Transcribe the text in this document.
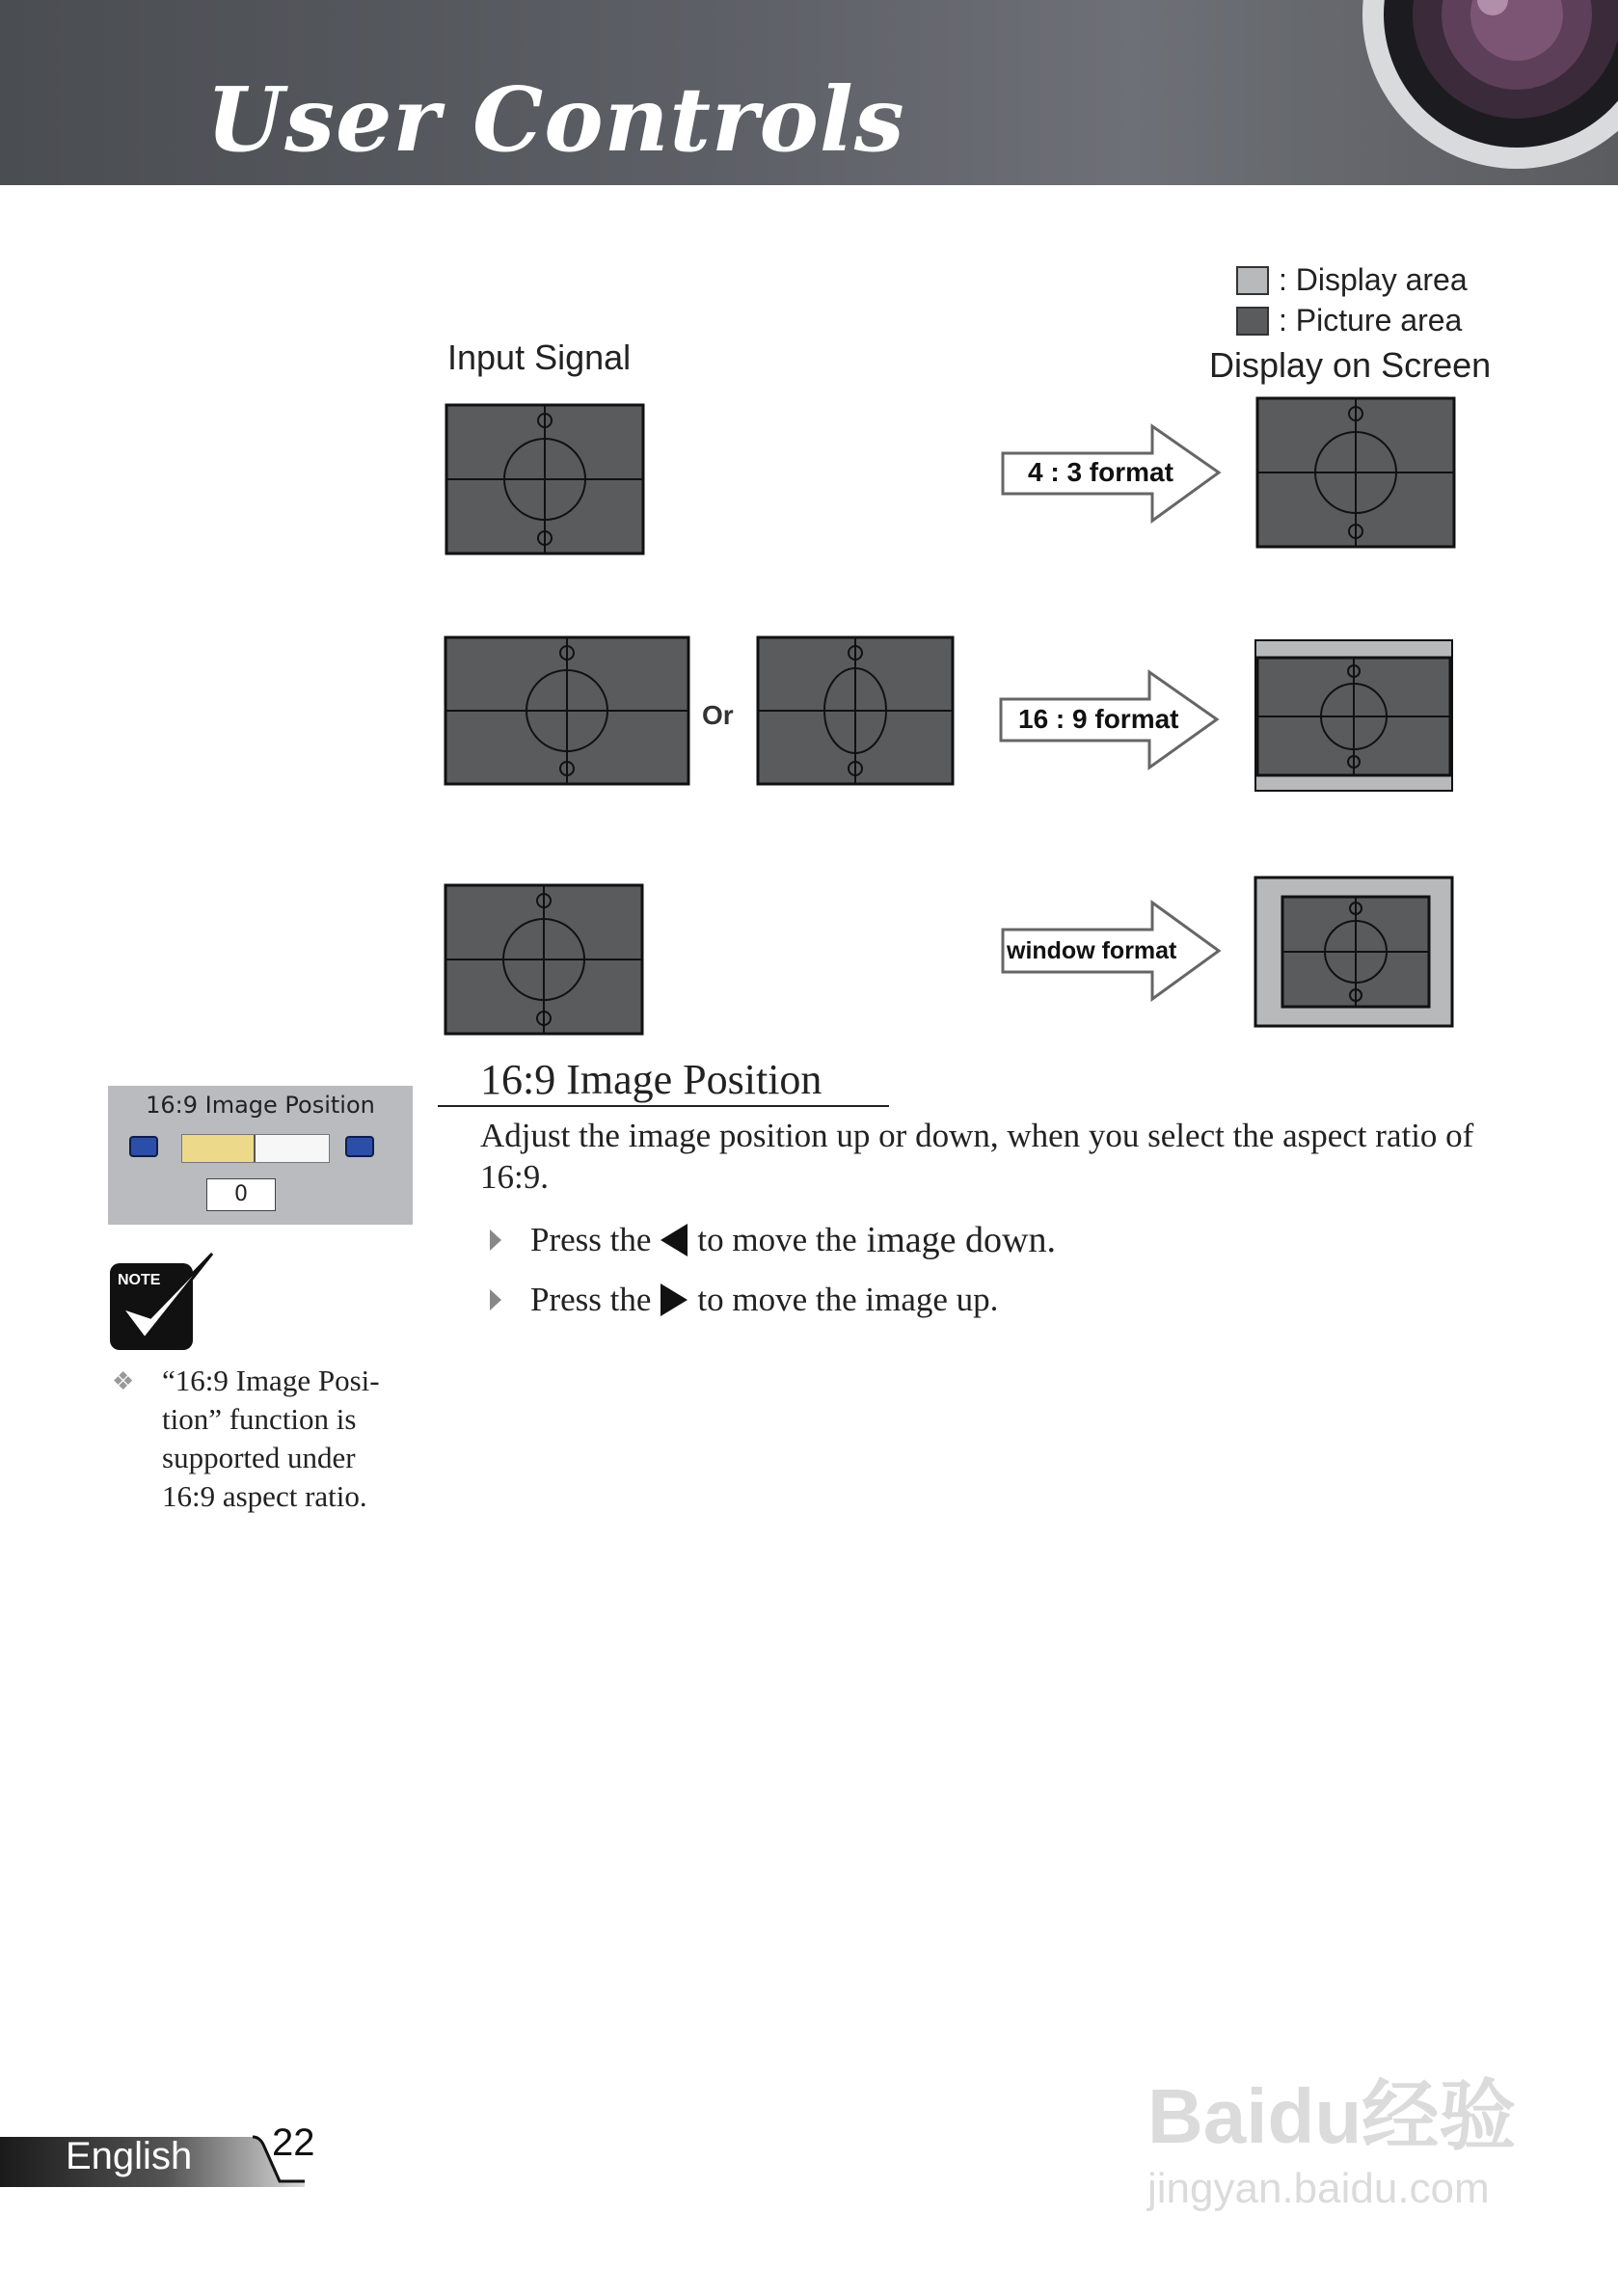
User Controls
: Display area
: Picture area
Input Signal	Display on Screen
Or
4 : 3 format
16 : 9 format
window format
16:9 Image Position
0
NOTE
❖ “16:9 Image Posi-tion” function is supported under 16:9 aspect ratio.
16:9 Image Position
Adjust the image position up or down, when you select the aspect ratio of 16:9.
Press the to move the image down.
Press the to move the image up.
English 22	Baidu经验
jingyan.baidu.com
